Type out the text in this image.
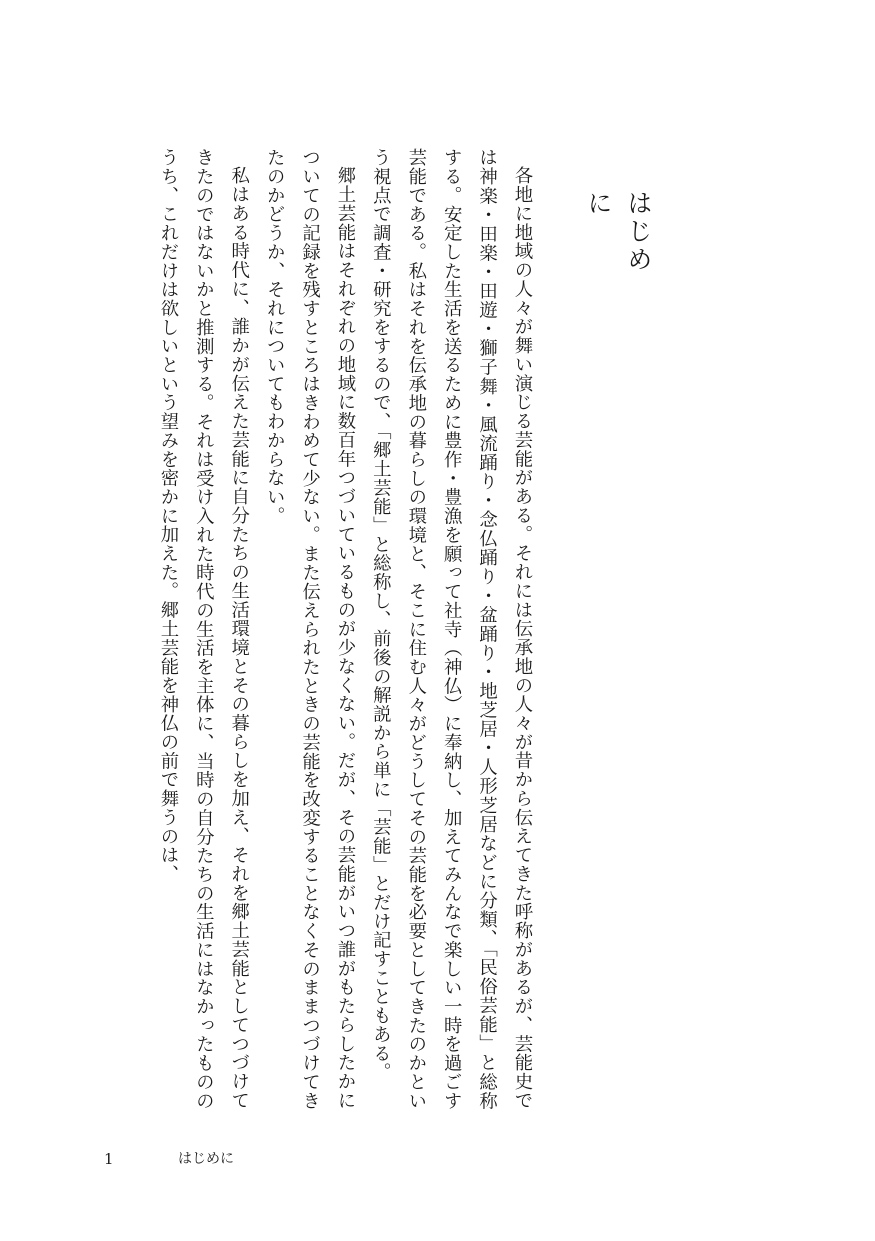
はじめに

各地に地域の人々が舞い演じる芸能がある。それには伝承地の人々が昔から伝えてきた呼称があるが、芸能史では神楽・田楽・田遊・獅子舞・風流踊り・念仏踊り・盆踊り・地芝居・人形芝居などに分類、「民俗芸能」と総称する。安定した生活を送るために豊作・豊漁を願って社寺（神仏）に奉納し、加えてみんなで楽しい一時を過ごす芸能である。私はそれを伝承地の暮らしの環境と、そこに住む人々がどうしてその芸能を必要としてきたのかという視点で調査・研究をするので、「郷土芸能」と総称し、前後の解説から単に「芸能」とだけ記すこともある。

郷土芸能はそれぞれの地域に数百年つづいているものが少なくない。だが、その芸能がいつ誰がもたらしたかについての記録を残すところはきわめて少ない。また伝えられたときの芸能を改変することなくそのままつづけてきたのかどうか、それについてもわからない。

私はある時代に、誰かが伝えた芸能に自分たちの生活環境とその暮らしを加え、それを郷土芸能としてつづけてきたのではないかと推測する。それは受け入れた時代の生活を主体に、当時の自分たちの生活にはなかったもののうち、これだけは欲しいという望みを密かに加えた。郷土芸能を神仏の前で舞うのは、

1	はじめに
